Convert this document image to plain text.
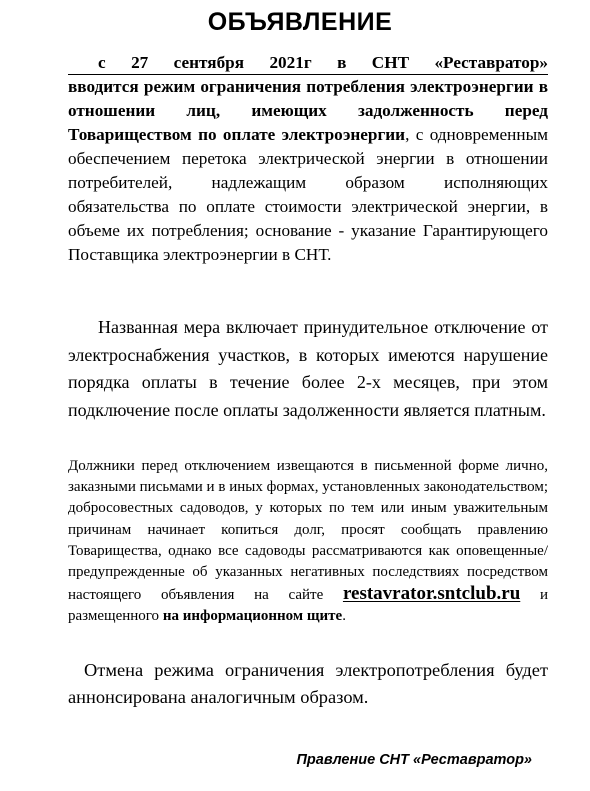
ОБЪЯВЛЕНИЕ
с 27 сентября 2021г в СНТ «Реставратор»
вводится режим ограничения потребления электроэнергии в отношении лиц, имеющих задолженность перед Товариществом по оплате электроэнергии, с одновременным обеспечением перетока электрической энергии в отношении потребителей, надлежащим образом исполняющих обязательства по оплате стоимости электрической энергии, в объеме их потребления; основание - указание Гарантирующего Поставщика электроэнергии в СНТ.
Названная мера включает принудительное отключение от электроснабжения участков, в которых имеются нарушение порядка оплаты в течение более 2-х месяцев, при этом подключение после оплаты задолженности является платным.
Должники перед отключением извещаются в письменной форме лично, заказными письмами и в иных формах, установленных законодательством; добросовестных садоводов, у которых по тем или иным уважительным причинам начинает копиться долг, просят сообщать правлению Товарищества, однако все садоводы рассматриваются как оповещенные/предупрежденные об указанных негативных последствиях посредством настоящего объявления на сайте restavrator.sntclub.ru и размещенного на информационном щите.
Отмена режима ограничения электропотребления будет аннонсирована аналогичным образом.
Правление СНТ «Реставратор»
